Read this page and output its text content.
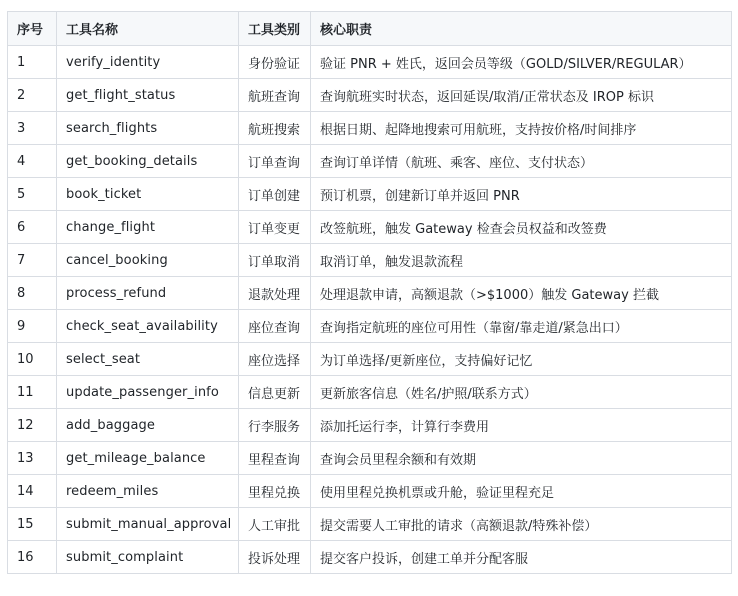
序号	工具名称	工具类别	核心职责
1	verify_identity	身份验证	验证 PNR + 姓氏，返回会员等级（GOLD/SILVER/REGULAR）
2	get_flight_status	航班查询	查询航班实时状态，返回延误/取消/正常状态及 IROP 标识
3	search_flights	航班搜索	根据日期、起降地搜索可用航班，支持按价格/时间排序
4	get_booking_details	订单查询	查询订单详情（航班、乘客、座位、支付状态）
5	book_ticket	订单创建	预订机票，创建新订单并返回 PNR
6	change_flight	订单变更	改签航班，触发 Gateway 检查会员权益和改签费
7	cancel_booking	订单取消	取消订单，触发退款流程
8	process_refund	退款处理	处理退款申请，高额退款（>$1000）触发 Gateway 拦截
9	check_seat_availability	座位查询	查询指定航班的座位可用性（靠窗/靠走道/紧急出口）
10	select_seat	座位选择	为订单选择/更新座位，支持偏好记忆
11	update_passenger_info	信息更新	更新旅客信息（姓名/护照/联系方式）
12	add_baggage	行李服务	添加托运行李，计算行李费用
13	get_mileage_balance	里程查询	查询会员里程余额和有效期
14	redeem_miles	里程兑换	使用里程兑换机票或升舱，验证里程充足
15	submit_manual_approval	人工审批	提交需要人工审批的请求（高额退款/特殊补偿）
16	submit_complaint	投诉处理	提交客户投诉，创建工单并分配客服
